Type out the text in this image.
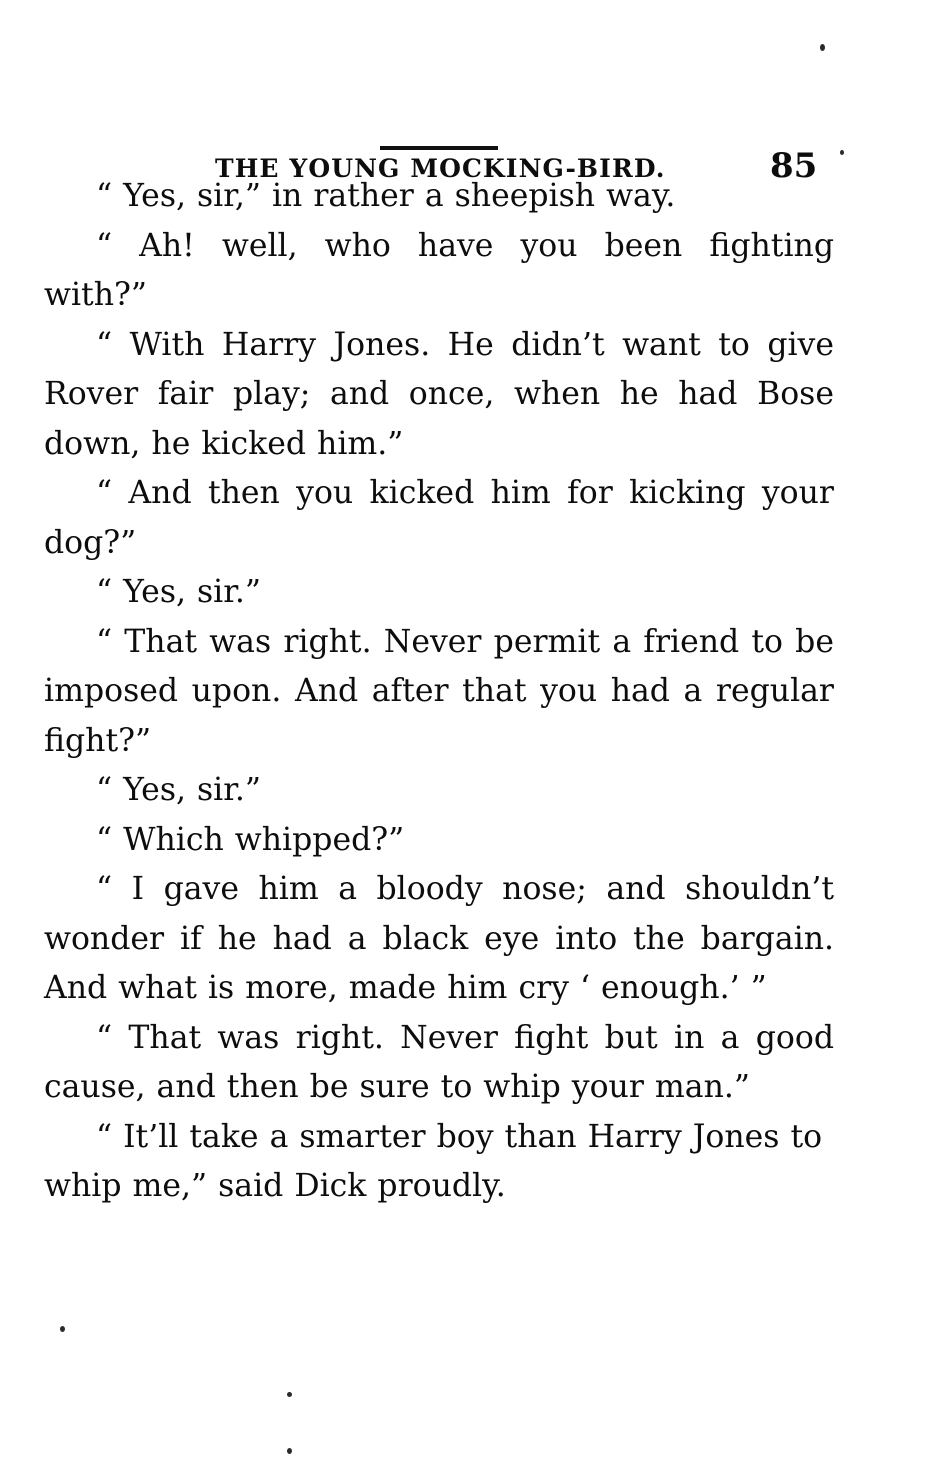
THE YOUNG MOCKING-BIRD.	85

“ Yes, sir,” in rather a sheepish way.

“ Ah! well, who have you been fighting with?”

“ With Harry Jones. He didn’t want to give Rover fair play; and once, when he had Bose down, he kicked him.”

“ And then you kicked him for kicking your dog?”

“ Yes, sir.”

“ That was right. Never permit a friend to be imposed upon. And after that you had a regular fight?”

“ Yes, sir.”

“ Which whipped?”

“ I gave him a bloody nose; and shouldn’t wonder if he had a black eye into the bargain. And what is more, made him cry ‘ enough.’ ”

“ That was right. Never fight but in a good cause, and then be sure to whip your man.”

“ It’ll take a smarter boy than Harry Jones to whip me,” said Dick proudly.
